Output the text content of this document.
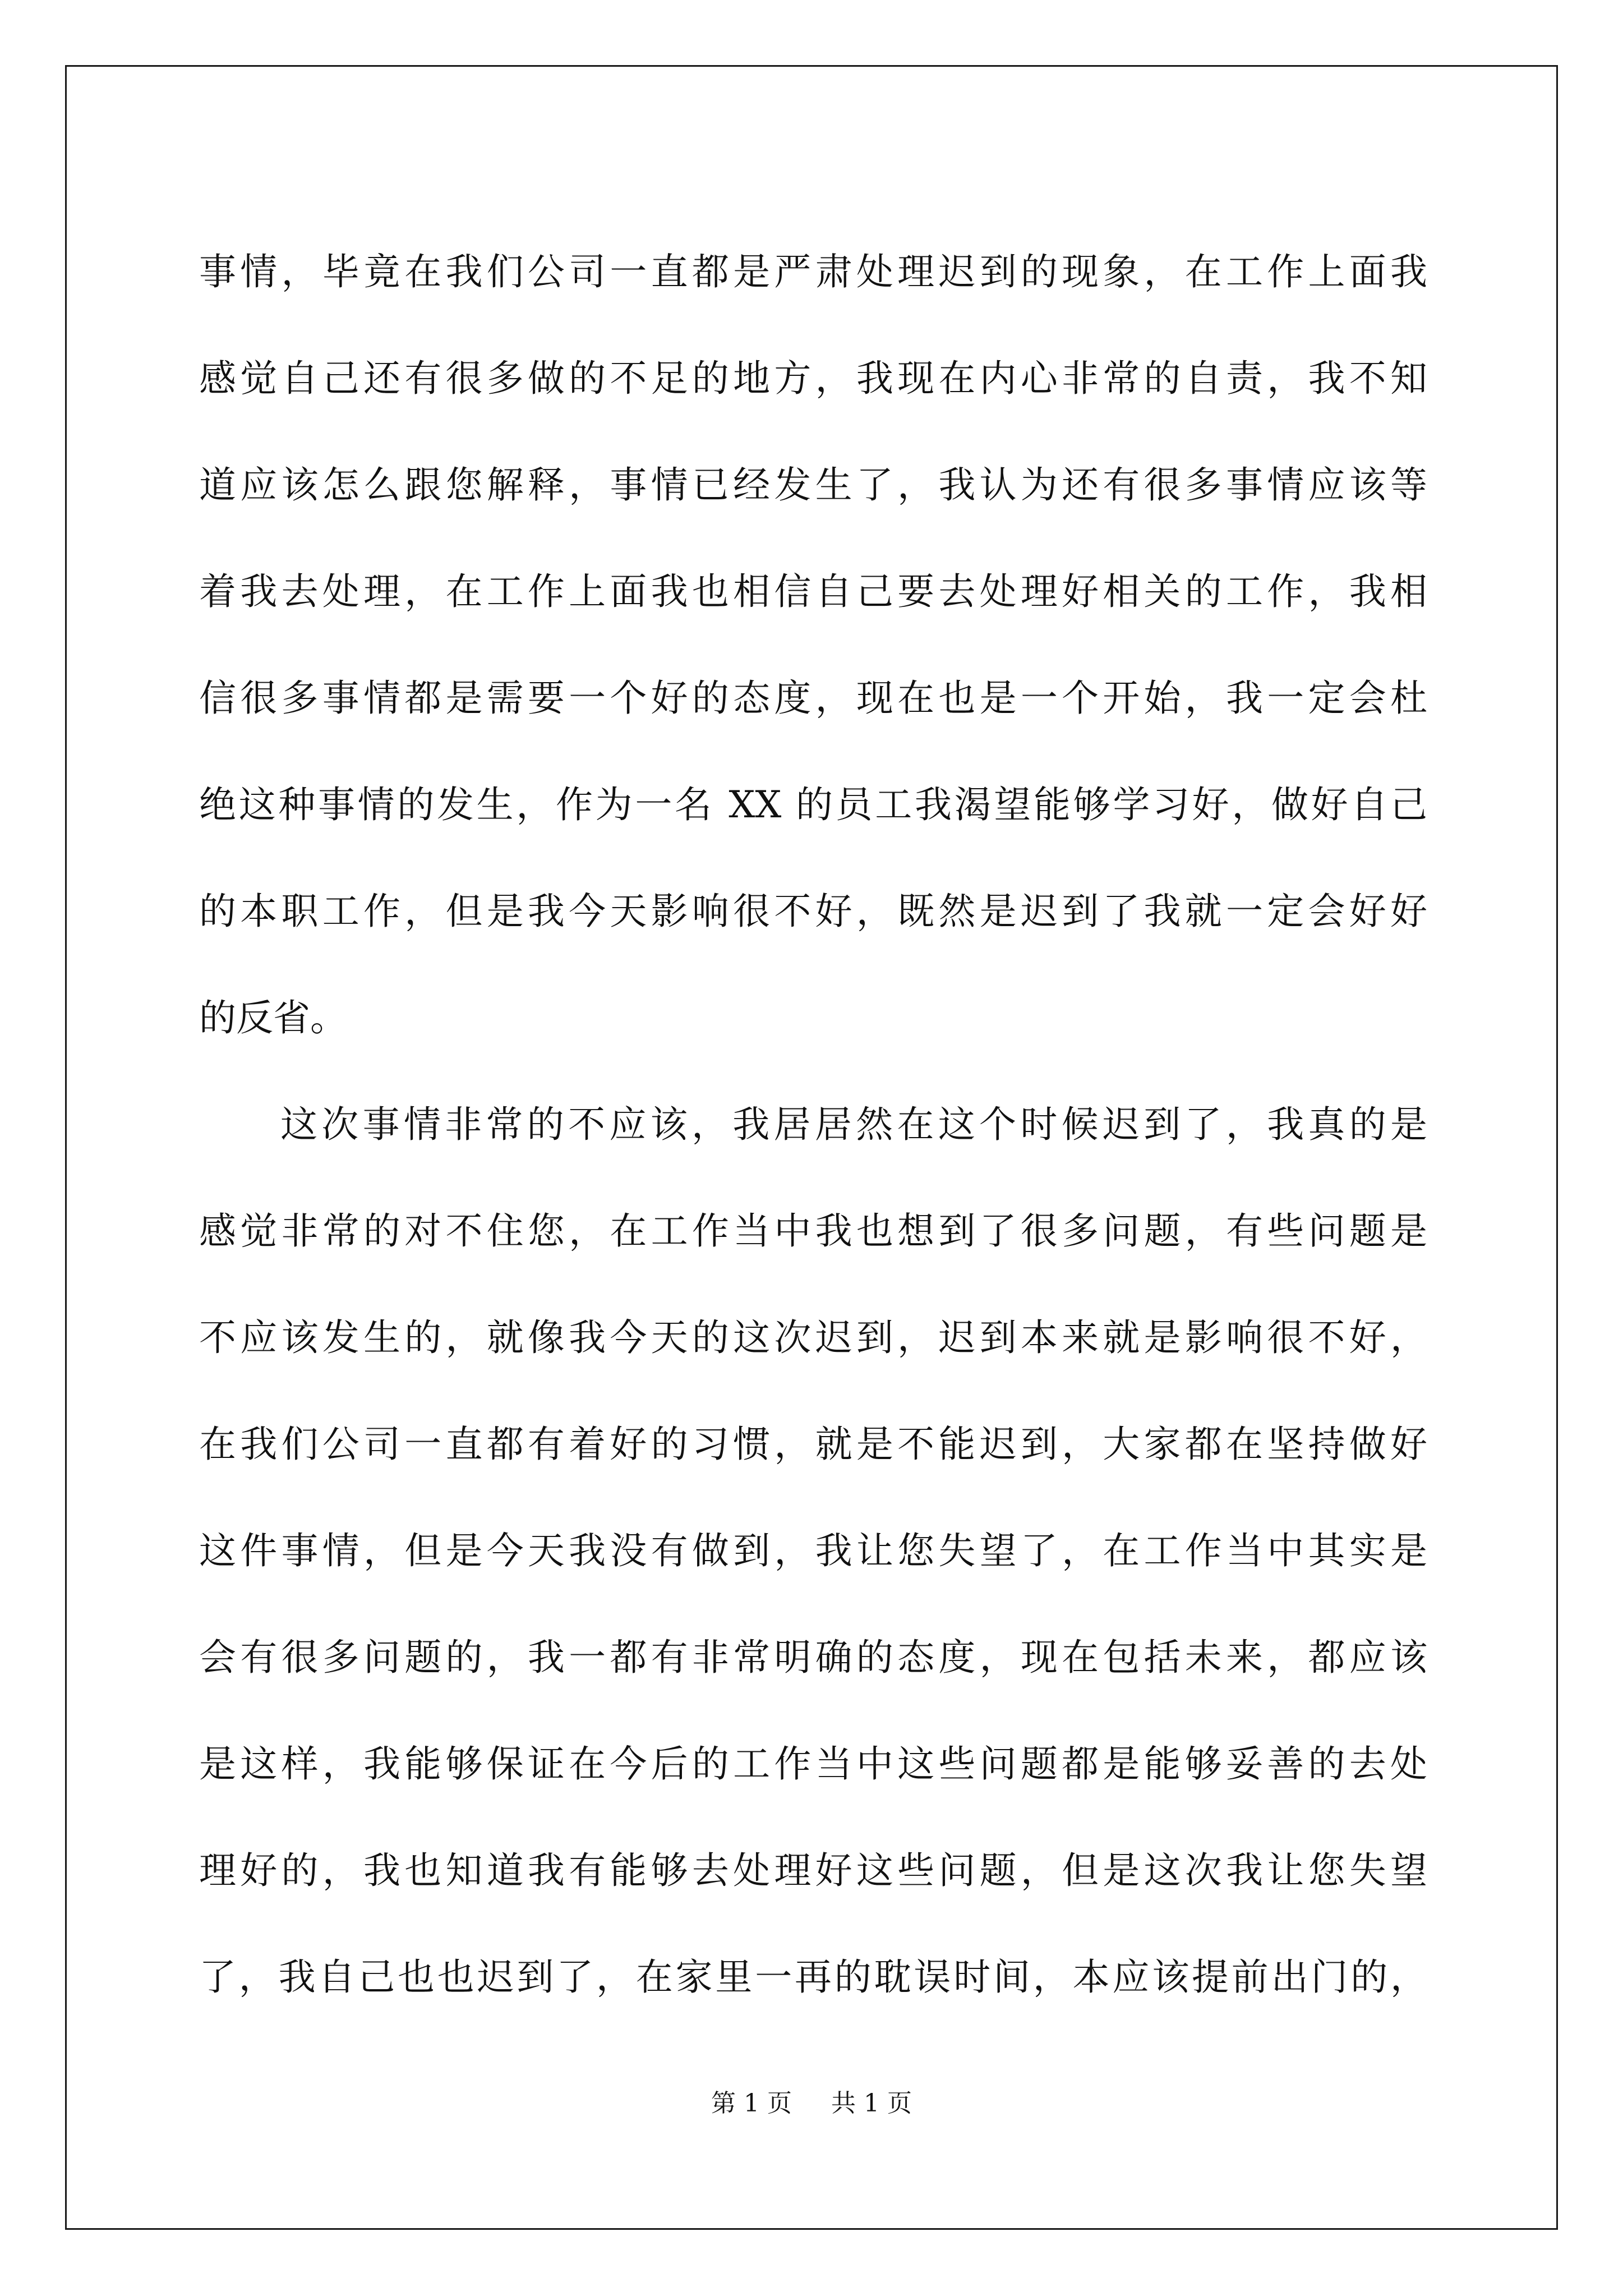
事情，毕竟在我们公司一直都是严肃处理迟到的现象，在工作上面我
感觉自己还有很多做的不足的地方，我现在内心非常的自责，我不知
道应该怎么跟您解释，事情已经发生了，我认为还有很多事情应该等
着我去处理，在工作上面我也相信自己要去处理好相关的工作，我相
信很多事情都是需要一个好的态度，现在也是一个开始，我一定会杜
绝这种事情的发生，作为一名 XX 的员工我渴望能够学习好，做好自己
的本职工作，但是我今天影响很不好，既然是迟到了我就一定会好好
的反省。
这次事情非常的不应该，我居居然在这个时候迟到了，我真的是
感觉非常的对不住您，在工作当中我也想到了很多问题，有些问题是
不应该发生的，就像我今天的这次迟到，迟到本来就是影响很不好，
在我们公司一直都有着好的习惯，就是不能迟到，大家都在坚持做好
这件事情，但是今天我没有做到，我让您失望了，在工作当中其实是
会有很多问题的，我一都有非常明确的态度，现在包括未来，都应该
是这样，我能够保证在今后的工作当中这些问题都是能够妥善的去处
理好的，我也知道我有能够去处理好这些问题，但是这次我让您失望
了，我自己也也迟到了，在家里一再的耽误时间，本应该提前出门的，
第 1 页 共 1 页
